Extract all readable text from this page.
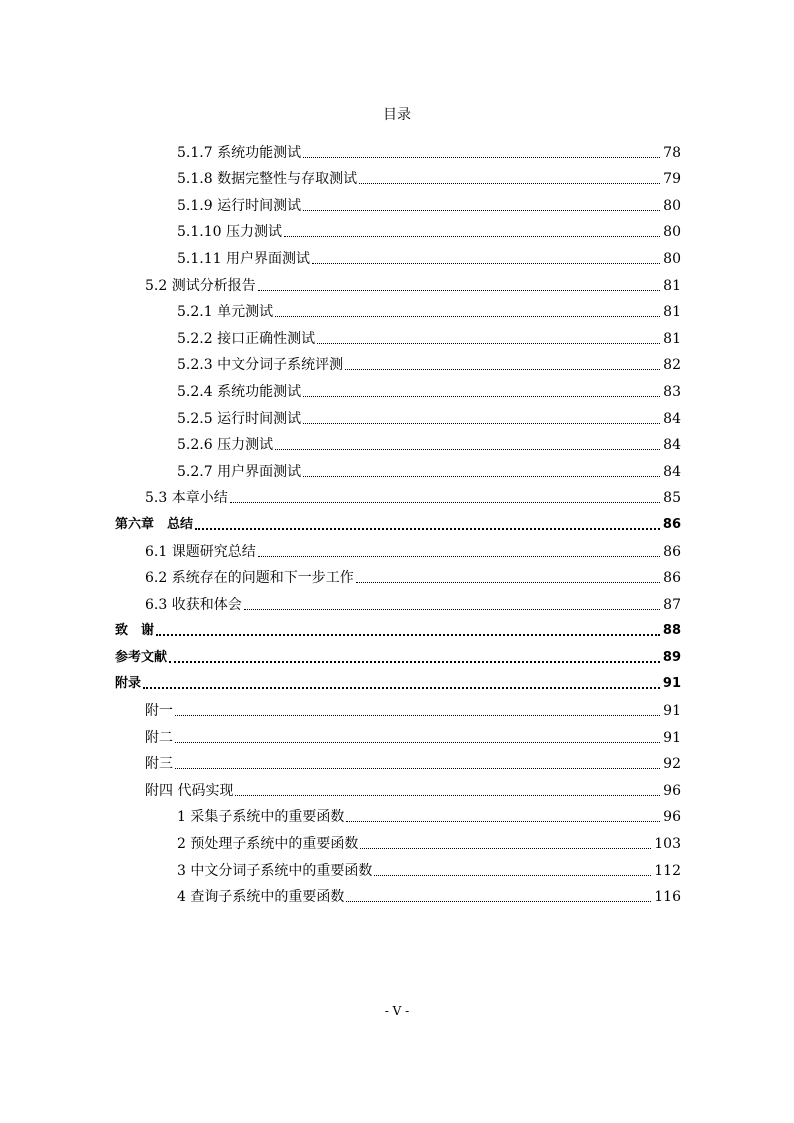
目录
5.1.7 系统功能测试	78
5.1.8 数据完整性与存取测试	79
5.1.9 运行时间测试	80
5.1.10 压力测试	80
5.1.11 用户界面测试	80
5.2 测试分析报告	81
5.2.1 单元测试	81
5.2.2 接口正确性测试	81
5.2.3 中文分词子系统评测	82
5.2.4 系统功能测试	83
5.2.5 运行时间测试	84
5.2.6 压力测试	84
5.2.7 用户界面测试	84
5.3 本章小结	85
第六章　总结	86
6.1 课题研究总结	86
6.2 系统存在的问题和下一步工作	86
6.3 收获和体会	87
致　谢	88
参考文献	89
附录	91
附一	91
附二	91
附三	92
附四 代码实现	96
1 采集子系统中的重要函数	96
2 预处理子系统中的重要函数	103
3 中文分词子系统中的重要函数	112
4 查询子系统中的重要函数	116
- V -
